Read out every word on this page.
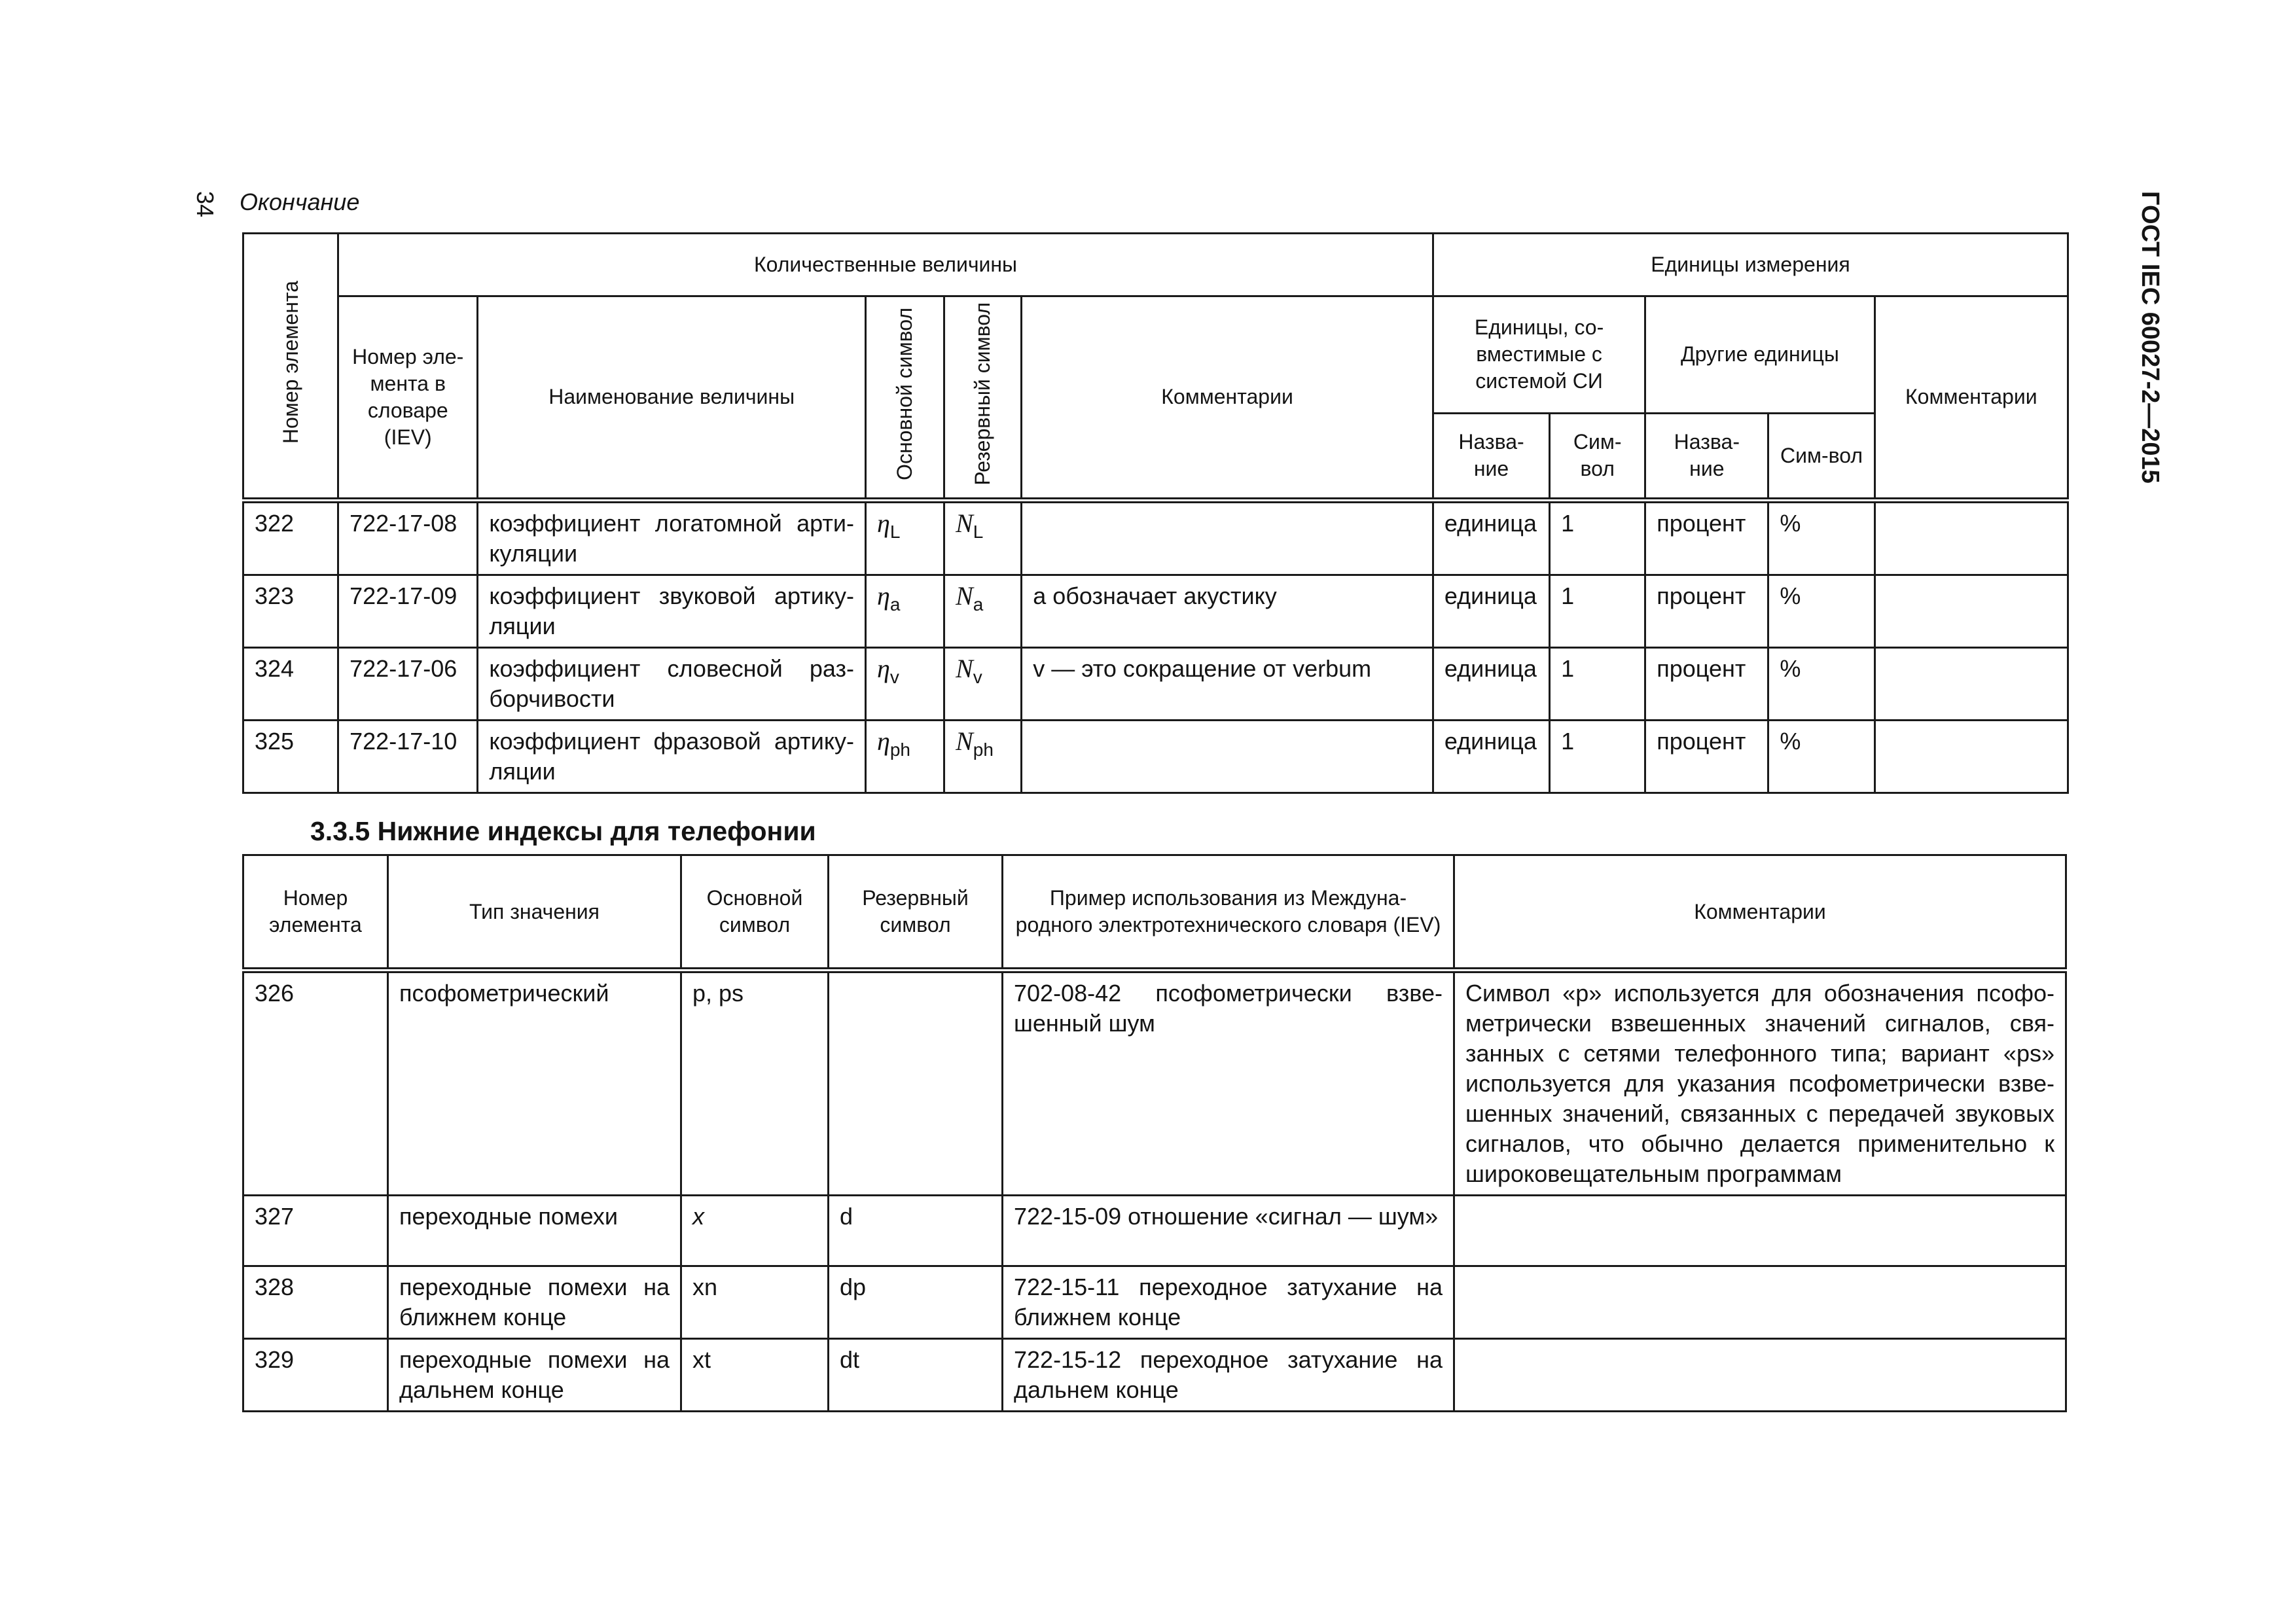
34 Окончание	ГОСТ IEC 60027-2—2015
Номер элемента	Количественные величины					Единицы измерения				
	Номер эле-мента в словаре (IEV)	Наименование величины	Основной символ	Резервный символ	Комментарии	Единицы, со-вместимые с системой СИ		Другие единицы		Комментарии
						Назва-ние	Сим-вол	Назва-ние	Сим-вол	
322	722-17-08	коэффициент логатомной арти-куляции	$\eta_L$	$N_L$		единица	1	процент	%	
323	722-17-09	коэффициент звуковой артику-ляции	$\eta_a$	$N_a$	a обозначает акустику	единица	1	процент	%	
324	722-17-06	коэффициент словесной раз-борчивости	$\eta_v$	$N_v$	v — это сокращение от verbum	единица	1	процент	%	
325	722-17-10	коэффициент фразовой артику-ляции	$\eta_{ph}$	$N_{ph}$		единица	1	процент	%	
3.3.5 Нижние индексы для телефонии
Номер элемента	Тип значения	Основной символ	Резервный символ	Пример использования из Междуна-родного электротехнического словаря (IEV)	Комментарии
326	псофометрический	p, ps		702-08-42 псофометрически взве-шенный шум	Символ «p» используется для обозначения псофо-метрически взвешенных значений сигналов, свя-занных с сетями телефонного типа; вариант «ps» используется для указания псофометрически взве-шенных значений, связанных с передачей звуковых сигналов, что обычно делается применительно к широковещательным программам
327	переходные помехи	x	d	722-15-09 отношение «сигнал — шум»	
328	переходные помехи на ближнем конце	xn	dp	722-15-11 переходное затухание на ближнем конце	
329	переходные помехи на дальнем конце	xt	dt	722-15-12 переходное затухание на дальнем конце	
